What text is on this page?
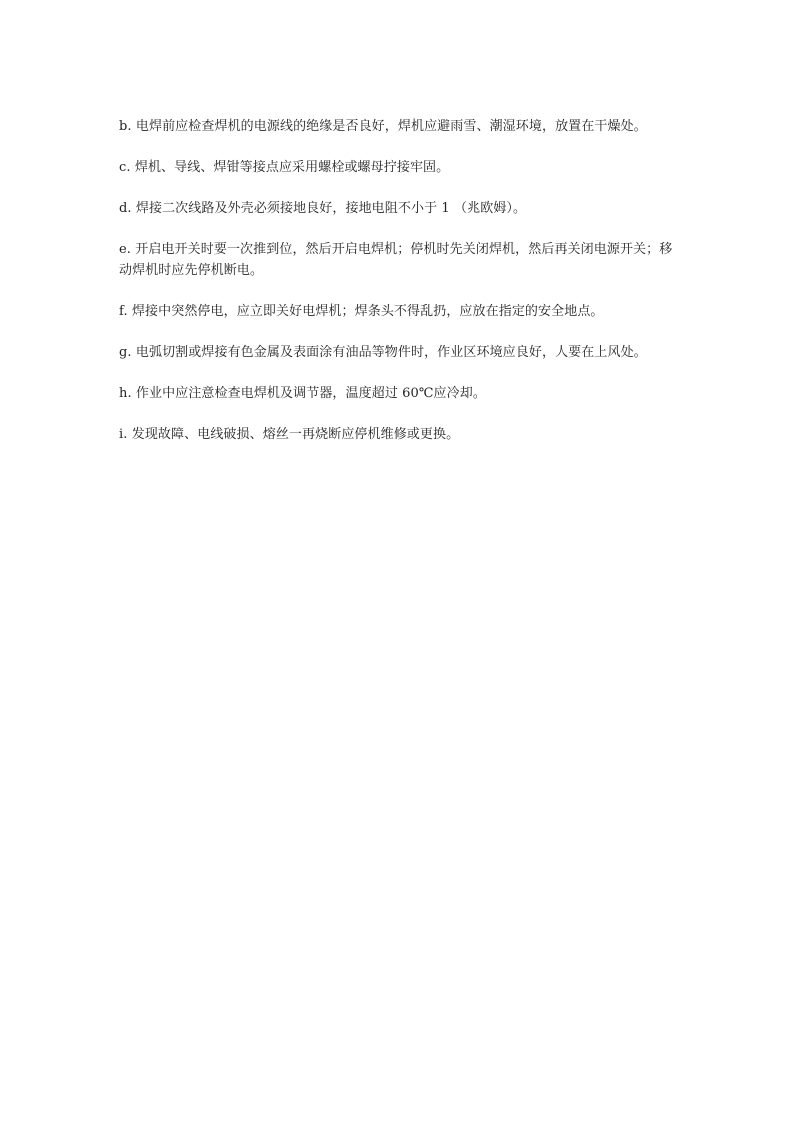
b. 电焊前应检查焊机的电源线的绝缘是否良好，焊机应避雨雪、潮湿环境，放置在干燥处。

c. 焊机、导线、焊钳等接点应采用螺栓或螺母拧接牢固。

d. 焊接二次线路及外壳必须接地良好，接地电阻不小于 1 （兆欧姆）。

e. 开启电开关时要一次推到位，然后开启电焊机；停机时先关闭焊机，然后再关闭电源开关；移动焊机时应先停机断电。

f. 焊接中突然停电，应立即关好电焊机；焊条头不得乱扔，应放在指定的安全地点。

g. 电弧切割或焊接有色金属及表面涂有油品等物件时，作业区环境应良好，人要在上风处。

h. 作业中应注意检查电焊机及调节器，温度超过 60℃应冷却。

i. 发现故障、电线破损、熔丝一再烧断应停机维修或更换。
